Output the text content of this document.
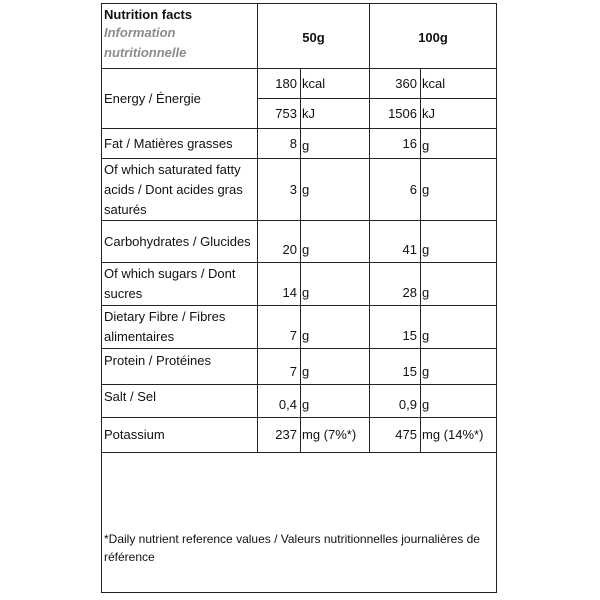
Nutrition facts
Information nutritionnelle	50g		100g	
Energy / Énergie	180	kcal	360	kcal
	753	kJ	1506	kJ
Fat / Matières grasses	8	g	16	g
Of which saturated fatty acids / Dont acides gras saturés	3	g	6	g
Carbohydrates / Glucides	20	g	41	g
Of which sugars / Dont sucres	14	g	28	g
Dietary Fibre / Fibres alimentaires	7	g	15	g
Protein / Protéines	7	g	15	g
Salt / Sel	0,4	g	0,9	g
Potassium	237	mg (7%*)	475	mg (14%*)

*Daily nutrient reference values / Valeurs nutritionnelles journalières de référence				
